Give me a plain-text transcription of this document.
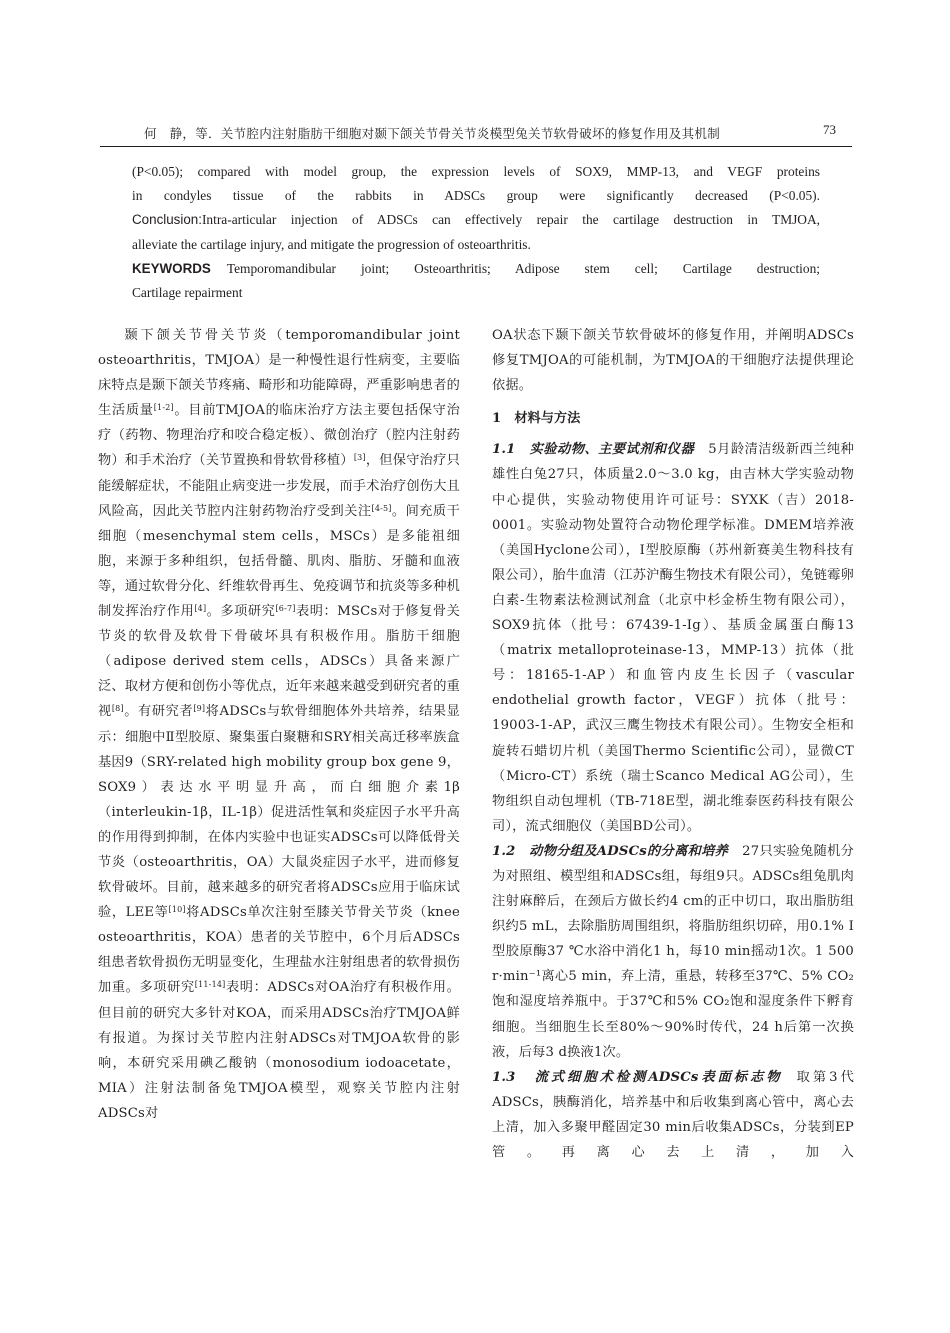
何　静，等．关节腔内注射脂肪干细胞对颞下颌关节骨关节炎模型兔关节软骨破坏的修复作用及其机制	73

(P<0.05); compared with model group, the expression levels of SOX9, MMP-13, and VEGF proteins

in condyles tissue of the rabbits in ADSCs group were significantly decreased (P<0.05).

Conclusion:Intra-articular injection of ADSCs can effectively repair the cartilage destruction in TMJOA,

alleviate the cartilage injury, and mitigate the progression of osteoarthritis.

KEYWORDS Temporomandibular joint; Osteoarthritis; Adipose stem cell; Cartilage destruction;

Cartilage repairment

颞下颌关节骨关节炎（temporomandibular joint osteoarthritis，TMJOA）是一种慢性退行性病变，主要临床特点是颞下颌关节疼痛、畸形和功能障碍，严重影响患者的生活质量[1-2]。目前TMJOA的临床治疗方法主要包括保守治疗（药物、物理治疗和咬合稳定板）、微创治疗（腔内注射药物）和手术治疗（关节置换和骨软骨移植）[3]，但保守治疗只能缓解症状，不能阻止病变进一步发展，而手术治疗创伤大且风险高，因此关节腔内注射药物治疗受到关注[4-5]。间充质干细胞（mesenchymal stem cells，MSCs）是多能祖细胞，来源于多种组织，包括骨髓、肌肉、脂肪、牙髓和血液等，通过软骨分化、纤维软骨再生、免疫调节和抗炎等多种机制发挥治疗作用[4]。多项研究[6-7]表明：MSCs对于修复骨关节炎的软骨及软骨下骨破坏具有积极作用。脂肪干细胞（adipose derived stem cells，ADSCs）具备来源广泛、取材方便和创伤小等优点，近年来越来越受到研究者的重视[8]。有研究者[9]将ADSCs与软骨细胞体外共培养，结果显示：细胞中Ⅱ型胶原、聚集蛋白聚糖和SRY相关高迁移率族盒基因9（SRY-related high mobility group box gene 9，SOX9）表达水平明显升高，而白细胞介素1β（interleukin-1β，IL-1β）促进活性氧和炎症因子水平升高的作用得到抑制，在体内实验中也证实ADSCs可以降低骨关节炎（osteoarthritis，OA）大鼠炎症因子水平，进而修复软骨破坏。目前，越来越多的研究者将ADSCs应用于临床试验，LEE等[10]将ADSCs单次注射至膝关节骨关节炎（knee osteoarthritis，KOA）患者的关节腔中，6个月后ADSCs组患者软骨损伤无明显变化，生理盐水注射组患者的软骨损伤加重。多项研究[11-14]表明：ADSCs对OA治疗有积极作用。但目前的研究大多针对KOA，而采用ADSCs治疗TMJOA鲜有报道。为探讨关节腔内注射ADSCs对TMJOA软骨的影响，本研究采用碘乙酸钠（monosodium iodoacetate，MIA）注射法制备兔TMJOA模型，观察关节腔内注射ADSCs对

OA状态下颞下颌关节软骨破坏的修复作用，并阐明ADSCs修复TMJOA的可能机制，为TMJOA的干细胞疗法提供理论依据。

1　材料与方法

1.1　实验动物、主要试剂和仪器 5月龄清洁级新西兰纯种雄性白兔27只，体质量2.0～3.0 kg，由吉林大学实验动物中心提供，实验动物使用许可证号：SYXK（吉）2018-0001。实验动物处置符合动物伦理学标准。DMEM培养液（美国Hyclone公司），Ⅰ型胶原酶（苏州新赛美生物科技有限公司），胎牛血清（江苏沪酶生物技术有限公司），兔链霉卵白素-生物素法检测试剂盒（北京中杉金桥生物有限公司），SOX9抗体（批号：67439-1-Ig）、基质金属蛋白酶13（matrix metalloproteinase-13，MMP-13）抗体（批号：18165-1-AP）和血管内皮生长因子（vascular endothelial growth factor，VEGF）抗体（批号：19003-1-AP，武汉三鹰生物技术有限公司）。生物安全柜和旋转石蜡切片机（美国Thermo Scientific公司），显微CT（Micro-CT）系统（瑞士Scanco Medical AG公司），生物组织自动包埋机（TB-718E型，湖北维泰医药科技有限公司），流式细胞仪（美国BD公司）。

1.2　动物分组及ADSCs的分离和培养 27只实验兔随机分为对照组、模型组和ADSCs组，每组9只。ADSCs组兔肌肉注射麻醉后，在颈后方做长约4 cm的正中切口，取出脂肪组织约5 mL，去除脂肪周围组织，将脂肪组织切碎，用0.1% Ⅰ型胶原酶37 ℃水浴中消化1 h，每10 min摇动1次。1 500 r·min⁻¹离心5 min，弃上清，重悬，转移至37℃、5% CO₂饱和湿度培养瓶中。于37℃和5% CO₂饱和湿度条件下孵育细胞。当细胞生长至80%～90%时传代，24 h后第一次换液，后每3 d换液1次。

1.3　流式细胞术检测ADSCs表面标志物 取第3代ADSCs，胰酶消化，培养基中和后收集到离心管中，离心去上清，加入多聚甲醛固定30 min后收集ADSCs，分装到EP管。再离心去上清，加入
